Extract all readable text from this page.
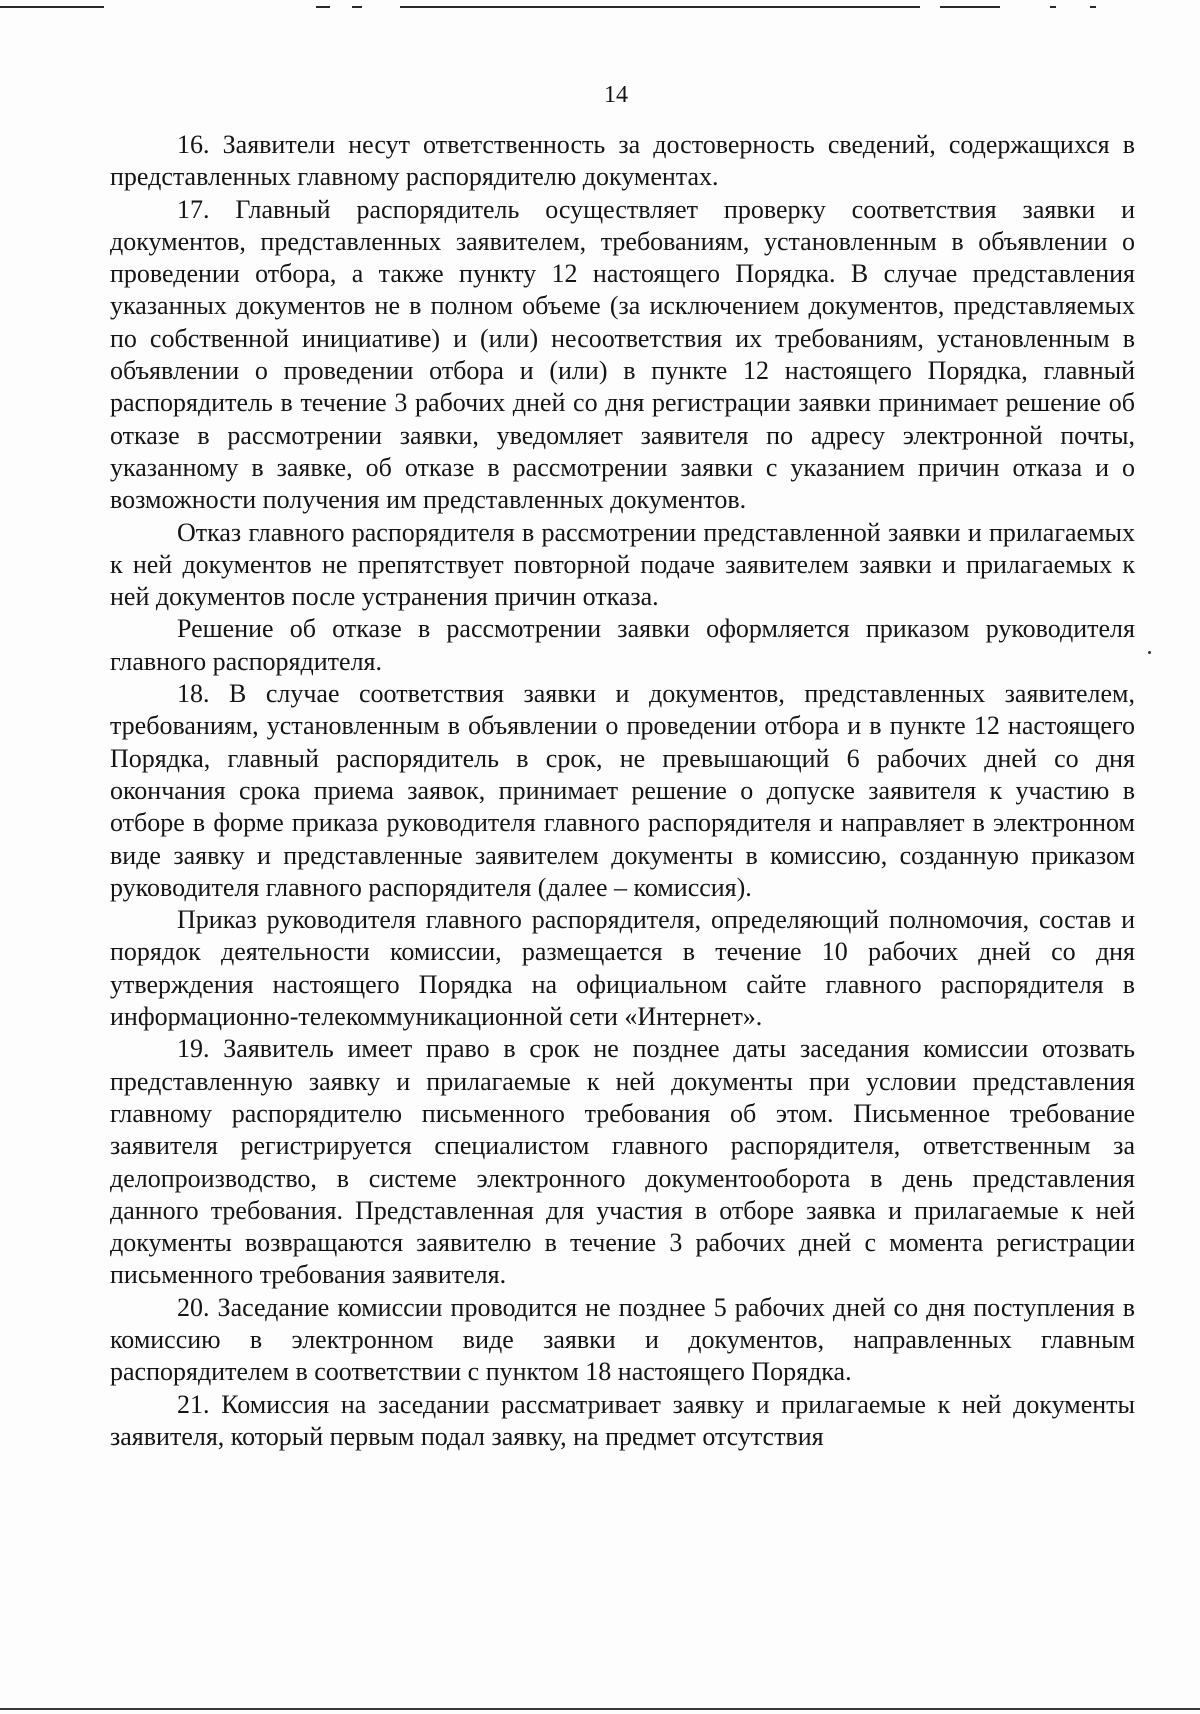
14

16. Заявители несут ответственность за достоверность сведений, содержащихся в представленных главному распорядителю документах.

17. Главный распорядитель осуществляет проверку соответствия заявки и документов, представленных заявителем, требованиям, установленным в объявлении о проведении отбора, а также пункту 12 настоящего Порядка. В случае представления указанных документов не в полном объеме (за исключением документов, представляемых по собственной инициативе) и (или) несоответствия их требованиям, установленным в объявлении о проведении отбора и (или) в пункте 12 настоящего Порядка, главный распорядитель в течение 3 рабочих дней со дня регистрации заявки принимает решение об отказе в рассмотрении заявки, уведомляет заявителя по адресу электронной почты, указанному в заявке, об отказе в рассмотрении заявки с указанием причин отказа и о возможности получения им представленных документов.

Отказ главного распорядителя в рассмотрении представленной заявки и прилагаемых к ней документов не препятствует повторной подаче заявителем заявки и прилагаемых к ней документов после устранения причин отказа.

Решение об отказе в рассмотрении заявки оформляется приказом руководителя главного распорядителя.

18. В случае соответствия заявки и документов, представленных заявителем, требованиям, установленным в объявлении о проведении отбора и в пункте 12 настоящего Порядка, главный распорядитель в срок, не превышающий 6 рабочих дней со дня окончания срока приема заявок, принимает решение о допуске заявителя к участию в отборе в форме приказа руководителя главного распорядителя и направляет в электронном виде заявку и представленные заявителем документы в комиссию, созданную приказом руководителя главного распорядителя (далее – комиссия).

Приказ руководителя главного распорядителя, определяющий полномочия, состав и порядок деятельности комиссии, размещается в течение 10 рабочих дней со дня утверждения настоящего Порядка на официальном сайте главного распорядителя в информационно-телекоммуникационной сети «Интернет».

19. Заявитель имеет право в срок не позднее даты заседания комиссии отозвать представленную заявку и прилагаемые к ней документы при условии представления главному распорядителю письменного требования об этом. Письменное требование заявителя регистрируется специалистом главного распорядителя, ответственным за делопроизводство, в системе электронного документооборота в день представления данного требования. Представленная для участия в отборе заявка и прилагаемые к ней документы возвращаются заявителю в течение 3 рабочих дней с момента регистрации письменного требования заявителя.

20. Заседание комиссии проводится не позднее 5 рабочих дней со дня поступления в комиссию в электронном виде заявки и документов, направленных главным распорядителем в соответствии с пунктом 18 настоящего Порядка.

21. Комиссия на заседании рассматривает заявку и прилагаемые к ней документы заявителя, который первым подал заявку, на предмет отсутствия
